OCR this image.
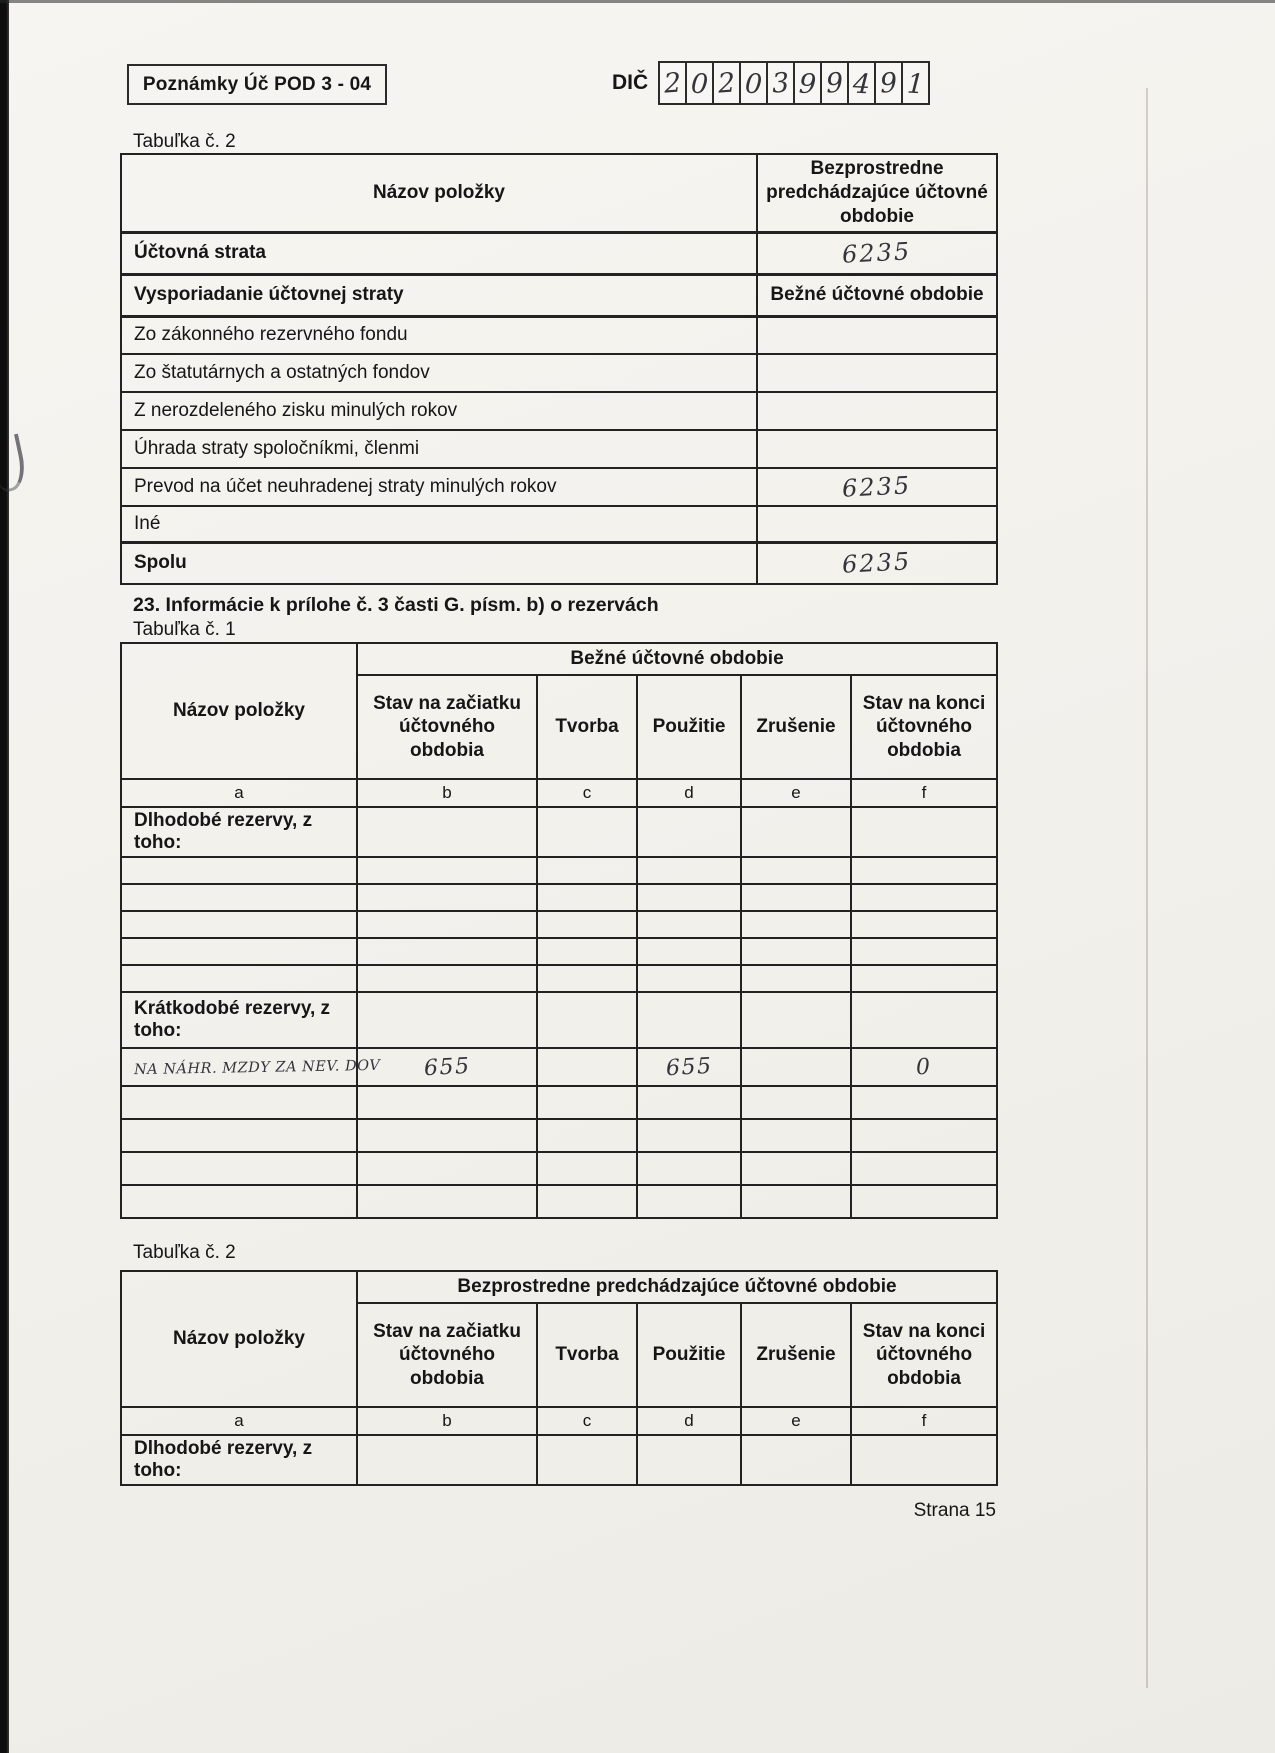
Poznámky Úč POD 3 - 04	DIČ 2 0 2 0 3 9 9 4 9 1
Tabuľka č. 2
Názov položky	Bezprostredne predchádzajúce účtovné obdobie
Účtovná strata	6235
Vysporiadanie účtovnej straty	Bežné účtovné obdobie
Zo zákonného rezervného fondu	
Zo štatutárnych a ostatných fondov	
Z nerozdeleného zisku minulých rokov	
Úhrada straty spoločníkmi, členmi	
Prevod na účet neuhradenej straty minulých rokov	6235
Iné	
Spolu	6235
23. Informácie k prílohe č. 3 časti G. písm. b) o rezervách
Tabuľka č. 1
Názov položky	Bežné účtovné obdobie				
	Stav na začiatku účtovného obdobia	Tvorba	Použitie	Zrušenie	Stav na konci účtovného obdobia
a	b	c	d	e	f
Dlhodobé rezervy, z toho:					

Krátkodobé rezervy, z toho:					
NA NÁHR. MZDY ZA NEV. DOV	655		655		0

Tabuľka č. 2
Názov položky	Bezprostredne predchádzajúce účtovné obdobie				
	Stav na začiatku účtovného obdobia	Tvorba	Použitie	Zrušenie	Stav na konci účtovného obdobia
a	b	c	d	e	f
Dlhodobé rezervy, z toho:					
Strana 15
